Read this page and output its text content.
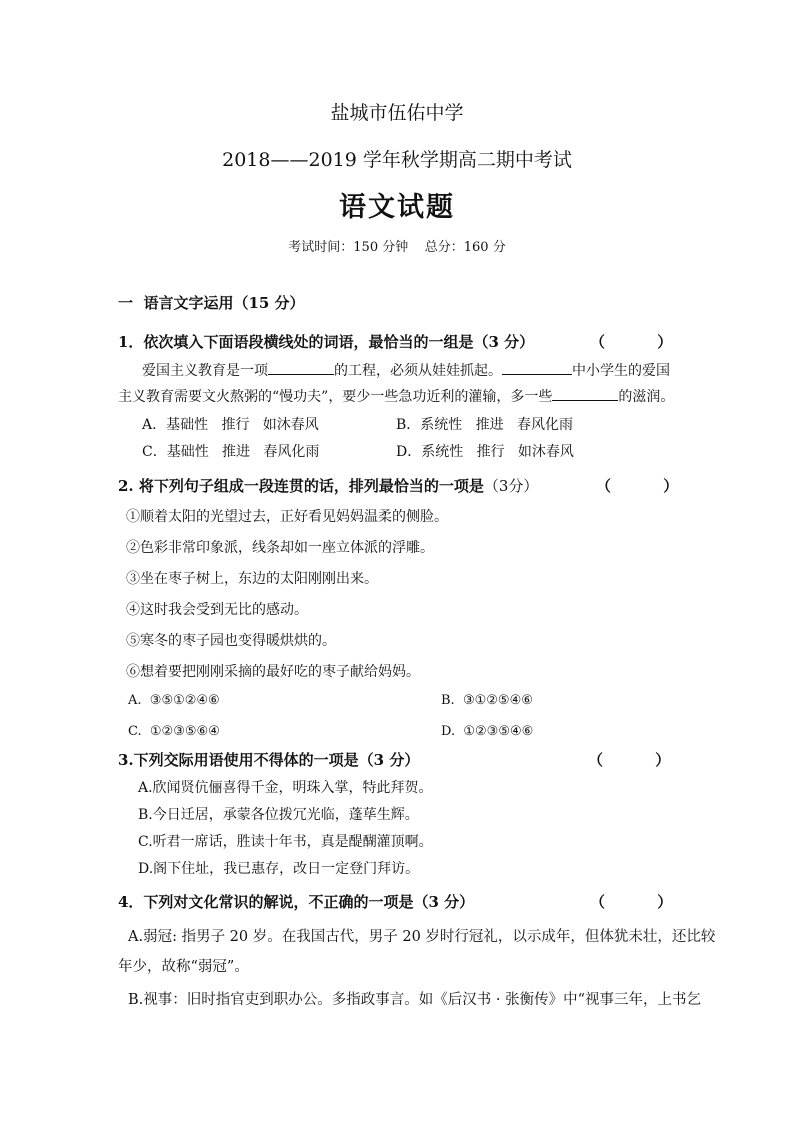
盐城市伍佑中学
2018——2019 学年秋学期高二期中考试
语文试题
考试时间：150 分钟    总分：160 分
一  语言文字运用（15 分）
1．依次填入下面语段横线处的词语，最恰当的一组是（3 分）	（          ）
爱国主义教育是一项	的工程，必须从娃娃抓起。	中小学生的爱国
主义教育需要文火熬粥的“慢功夫”，要少一些急功近利的灌输，多一些	的滋润。
A．基础性   推行   如沐春风	B．系统性   推进   春风化雨
C．基础性   推进   春风化雨	D．系统性   推行   如沐春风
2. 将下列句子组成一段连贯的话，排列最恰当的一项是（3分）	（          ）
①顺着太阳的光望过去，正好看见妈妈温柔的侧脸。
②色彩非常印象派，线条却如一座立体派的浮雕。
③坐在枣子树上，东边的太阳刚刚出来。
④这时我会受到无比的感动。
⑤寒冬的枣子园也变得暖烘烘的。
⑥想着要把刚刚采摘的最好吃的枣子献给妈妈。
A.  ③⑤①②④⑥	B.  ③①②⑤④⑥
C.  ①②③⑤⑥④	D.  ①②③⑤④⑥
3.下列交际用语使用不得体的一项是（3 分）	（          ）
A.欣闻贤伉俪喜得千金，明珠入掌，特此拜贺。
B.今日迁居，承蒙各位拨冗光临，蓬荜生辉。
C.听君一席话，胜读十年书，真是醍醐灌顶啊。
D.阁下住址，我已惠存，改日一定登门拜访。
4．下列对文化常识的解说，不正确的一项是（3 分）	（          ）
A.弱冠: 指男子 20 岁。在我国古代，男子 20 岁时行冠礼，以示成年，但体犹未壮，还比较
年少，故称“弱冠”。
B.视事：旧时指官吏到职办公。多指政事言。如《后汉书 · 张衡传》中“视事三年，上书乞
